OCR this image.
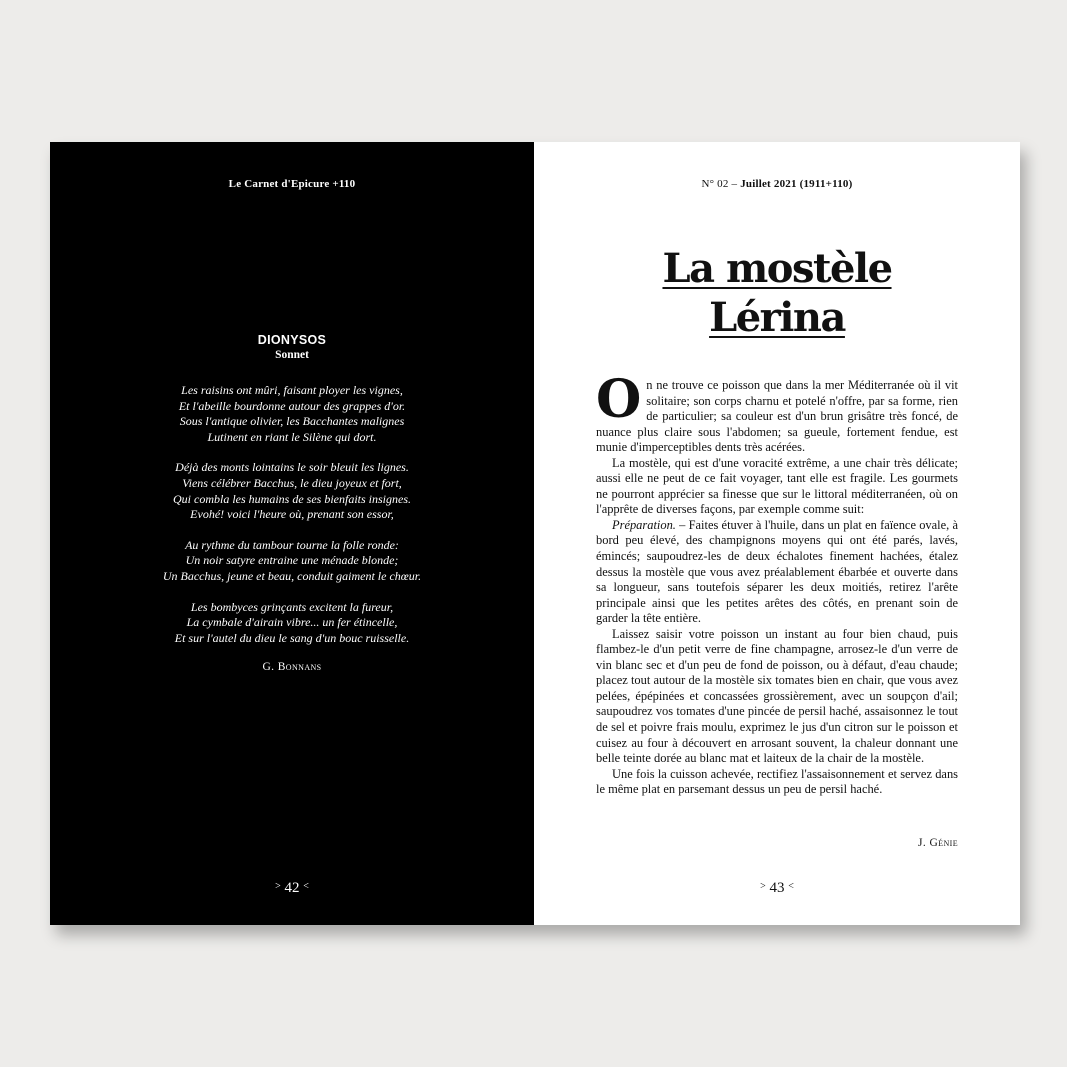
Le Carnet d'Epicure +110
DIONYSOS
Sonnet
Les raisins ont mûri, faisant ployer les vignes,
Et l'abeille bourdonne autour des grappes d'or.
Sous l'antique olivier, les Bacchantes malignes
Lutinent en riant le Silène qui dort.
Déjà des monts lointains le soir bleuit les lignes.
Viens célébrer Bacchus, le dieu joyeux et fort,
Qui combla les humains de ses bienfaits insignes.
Evohé! voici l'heure où, prenant son essor,
Au rythme du tambour tourne la folle ronde:
Un noir satyre entraine une ménade blonde;
Un Bacchus, jeune et beau, conduit gaiment le chœur.
Les bombyces grinçants excitent la fureur,
La cymbale d'airain vibre... un fer étincelle,
Et sur l'autel du dieu le sang d'un bouc ruisselle.
G. Bonnans
> 42 <
N° 02 – Juillet 2021 (1911+110)
La mostèle
Lérina

On ne trouve ce poisson que dans la mer Méditerranée où il vit solitaire; son corps charnu et potelé n'offre, par sa forme, rien de particulier; sa couleur est d'un brun grisâtre très foncé, de nuance plus claire sous l'abdomen; sa gueule, fortement fendue, est munie d'imperceptibles dents très acérées.

La mostèle, qui est d'une voracité extrême, a une chair très délicate; aussi elle ne peut de ce fait voyager, tant elle est fragile. Les gourmets ne pourront apprécier sa finesse que sur le littoral méditerranéen, où on l'apprête de diverses façons, par exemple comme suit:

Préparation. – Faites étuver à l'huile, dans un plat en faïence ovale, à bord peu élevé, des champignons moyens qui ont été parés, lavés, émincés; saupoudrez-les de deux échalotes finement hachées, étalez dessus la mostèle que vous avez préalablement ébarbée et ouverte dans sa longueur, sans toutefois séparer les deux moitiés, retirez l'arête principale ainsi que les petites arêtes des côtés, en prenant soin de garder la tête entière.

Laissez saisir votre poisson un instant au four bien chaud, puis flambez-le d'un petit verre de fine champagne, arrosez-le d'un verre de vin blanc sec et d'un peu de fond de poisson, ou à défaut, d'eau chaude; placez tout autour de la mostèle six tomates bien en chair, que vous avez pelées, épépinées et concassées grossièrement, avec un soupçon d'ail; saupoudrez vos tomates d'une pincée de persil haché, assaisonnez le tout de sel et poivre frais moulu, exprimez le jus d'un citron sur le poisson et cuisez au four à découvert en arrosant souvent, la chaleur donnant une belle teinte dorée au blanc mat et laiteux de la chair de la mostèle.

Une fois la cuisson achevée, rectifiez l'assaisonnement et servez dans le même plat en parsemant dessus un peu de persil haché.

J. Génie
> 43 <
